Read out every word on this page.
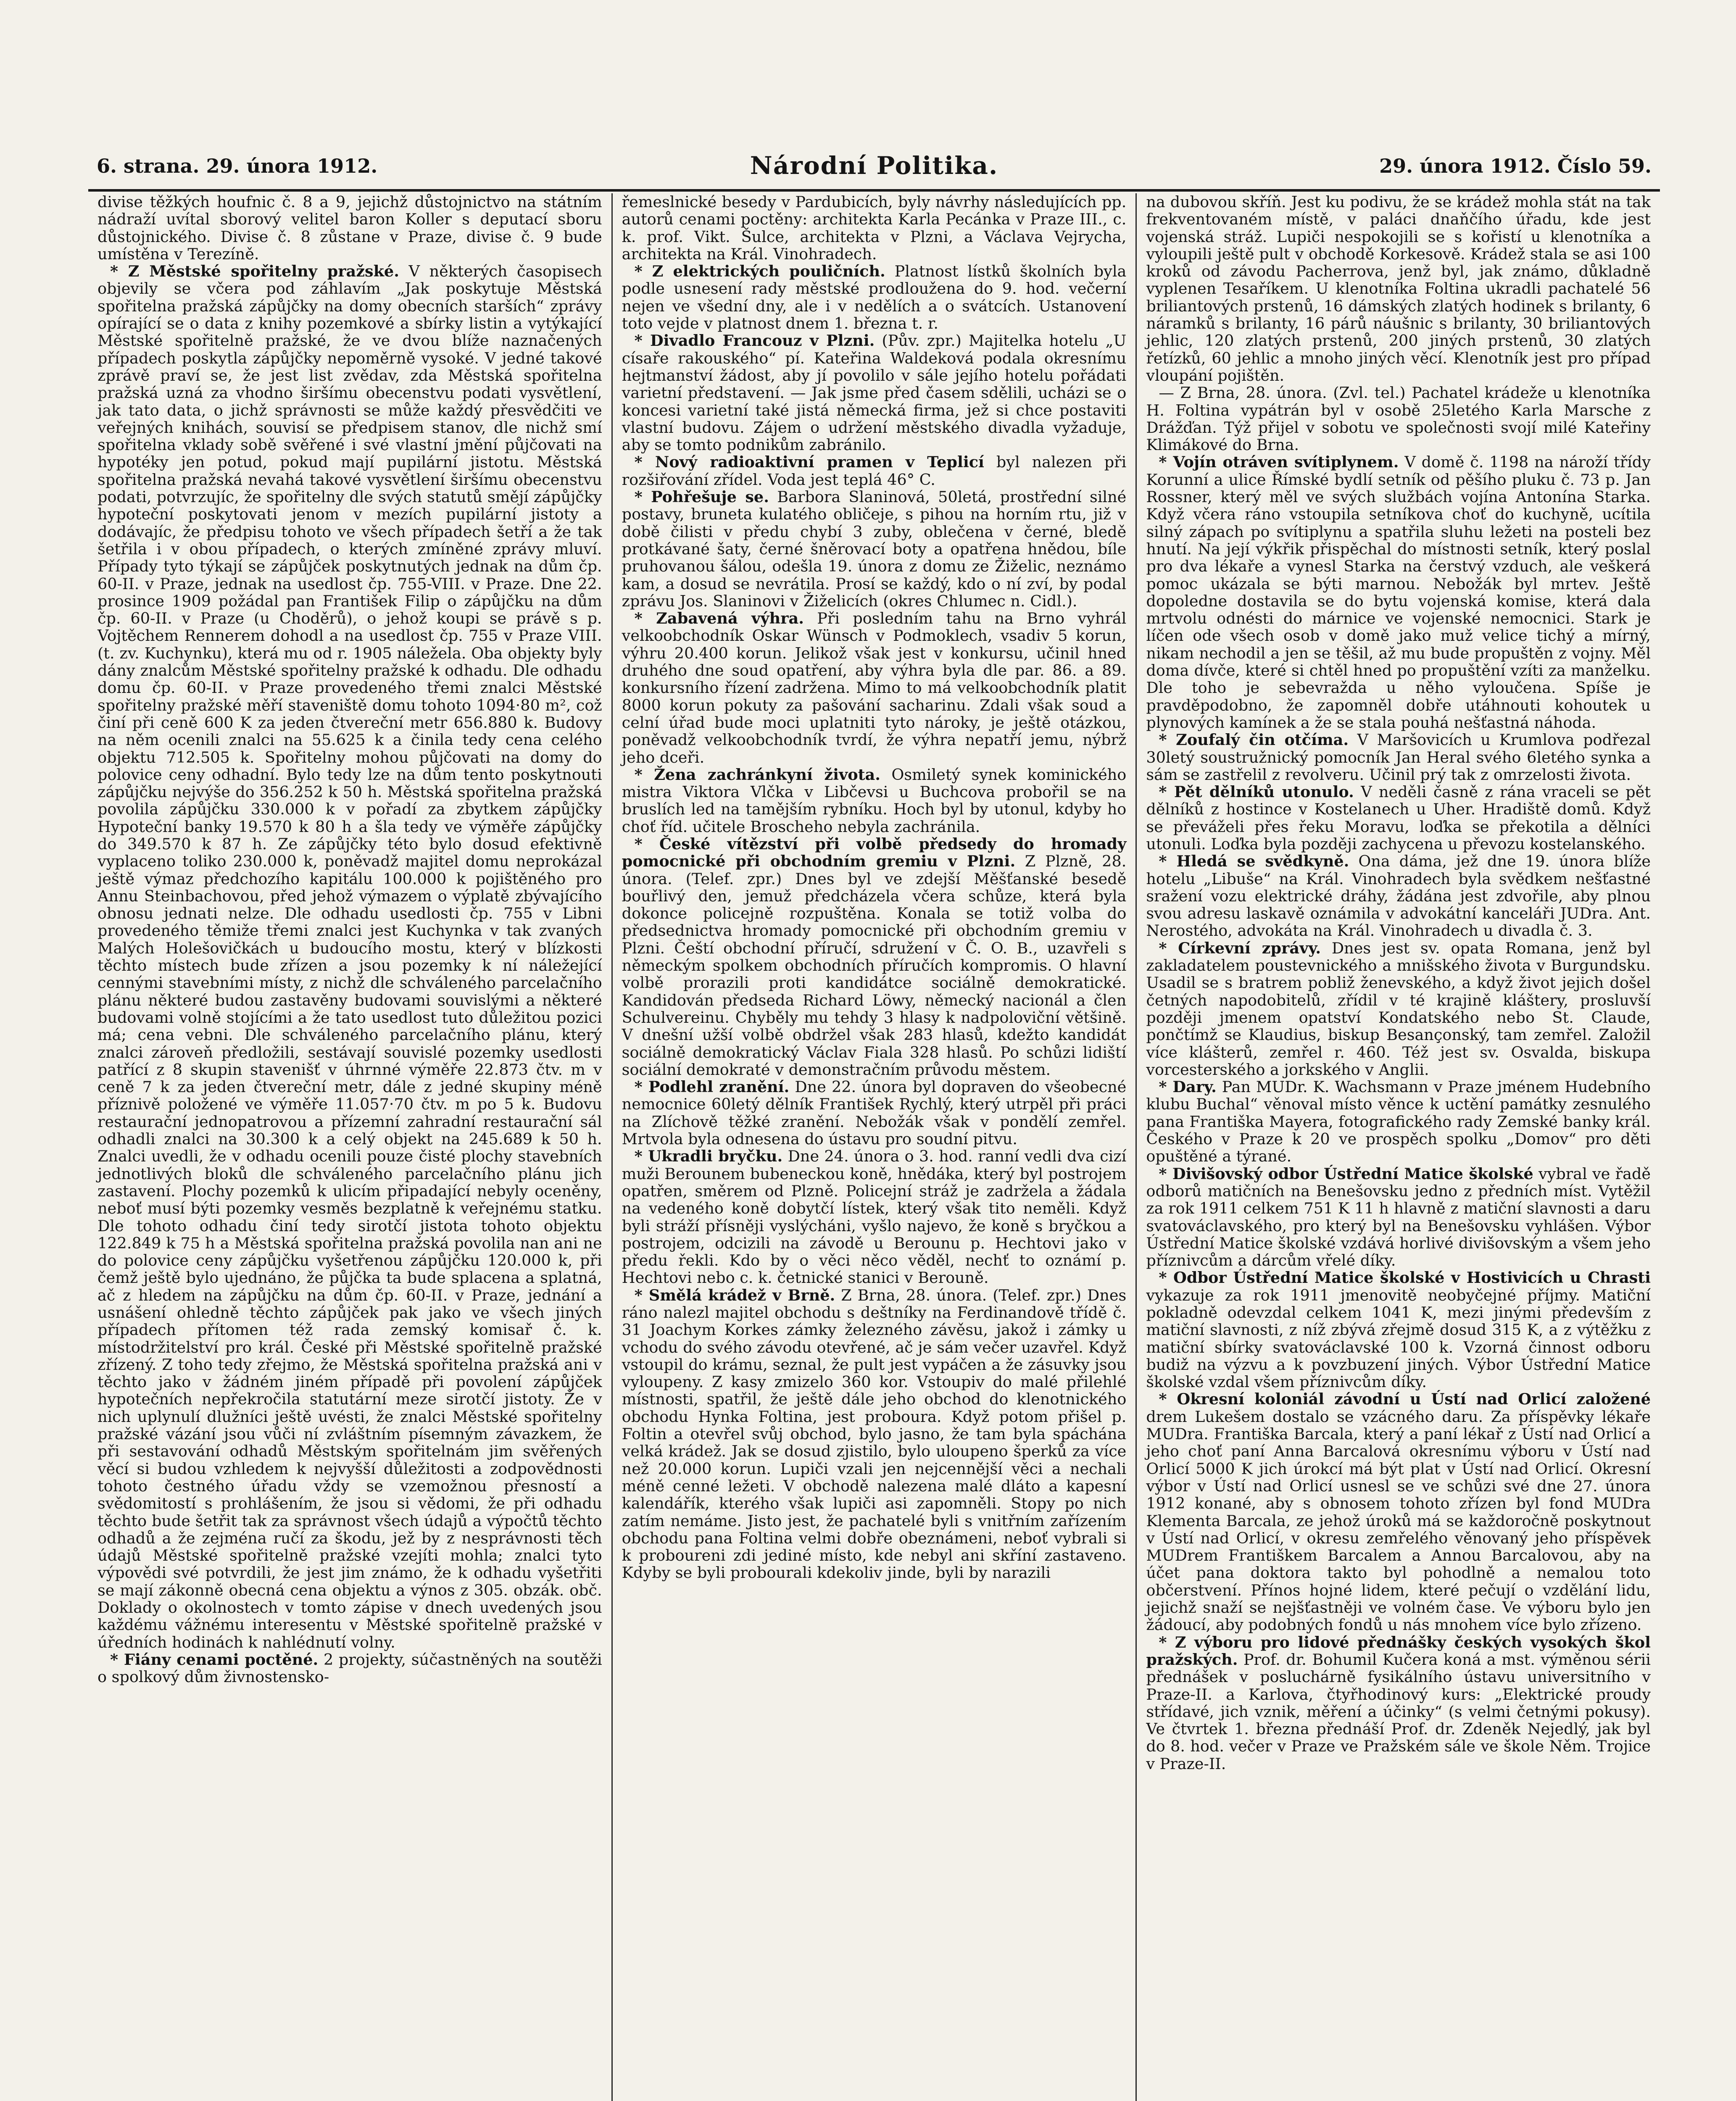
6. strana. 29. února 1912.	Národní Politika.	29. února 1912. Číslo 59.

divise těžkých houfnic č. 8 a 9, jejichž důstojnictvo na státním nádraží uvítal sborový velitel baron Koller s deputací sboru důstojnického. Divise č. 8 zůstane v Praze, divise č. 9 bude umístěna v Terezíně.

* Z Městské spořitelny pražské. V některých časopisech objevily se včera pod záhlavím „Jak poskytuje Městská spořitelna pražská zápůjčky na domy obecních starších“ zprávy opírající se o data z knihy pozemkové a sbírky listin a vytýkající Městské spořitelně pražské, že ve dvou blíže naznačených případech poskytla zápůjčky nepoměrně vysoké. V jedné takové zprávě praví se, že jest list zvědav, zda Městská spořitelna pražská uzná za vhodno širšímu obecenstvu podati vysvětlení, jak tato data, o jichž správnosti se může každý přesvědčiti ve veřejných knihách, souvisí se předpisem stanov, dle nichž smí spořitelna vklady sobě svěřené i své vlastní jmění půjčovati na hypotéky jen potud, pokud mají pupilární jistotu. Městská spořitelna pražská nevahá takové vysvětlení širšímu obecenstvu podati, potvrzujíc, že spořitelny dle svých statutů smějí zápůjčky hypoteční poskytovati jenom v mezích pupilární jistoty a dodávajíc, že předpisu tohoto ve všech případech šetří a že tak šetřila i v obou případech, o kterých zmíněné zprávy mluví. Případy tyto týkají se zápůjček poskytnutých jednak na dům čp. 60-II. v Praze, jednak na usedlost čp. 755-VIII. v Praze. Dne 22. prosince 1909 požádal pan František Filip o zápůjčku na dům čp. 60-II. v Praze (u Choděrů), o jehož koupi se právě s p. Vojtěchem Rennerem dohodl a na usedlost čp. 755 v Praze VIII. (t. zv. Kuchynku), která mu od r. 1905 náležela. Oba objekty byly dány znalcům Městské spořitelny pražské k odhadu. Dle odhadu domu čp. 60-II. v Praze provedeného třemi znalci Městské spořitelny pražské měří staveniště domu tohoto 1094·80 m², což činí při ceně 600 K za jeden čtvereční metr 656.880 k. Budovy na něm ocenili znalci na 55.625 k a činila tedy cena celého objektu 712.505 k. Spořitelny mohou půjčovati na domy do polovice ceny odhadní. Bylo tedy lze na dům tento poskytnouti zápůjčku nejvýše do 356.252 k 50 h. Městská spořitelna pražská povolila zápůjčku 330.000 k v pořadí za zbytkem zápůjčky Hypoteční banky 19.570 k 80 h a šla tedy ve výměře zápůjčky do 349.570 k 87 h. Ze zápůjčky této bylo dosud efektivně vyplaceno toliko 230.000 k, poněvadž majitel domu neprokázal ještě výmaz předchozího kapitálu 100.000 k pojištěného pro Annu Steinbachovou, před jehož výmazem o výplatě zbývajícího obnosu jednati nelze. Dle odhadu usedlosti čp. 755 v Libni provedeného těmiže třemi znalci jest Kuchynka v tak zvaných Malých Holešovičkách u budoucího mostu, který v blízkosti těchto místech bude zřízen a jsou pozemky k ní náležející cennými stavebními místy, z nichž dle schváleného parcelačního plánu některé budou zastavěny budovami souvislými a některé budovami volně stojícími a že tato usedlost tuto důležitou pozici má; cena vebni. Dle schváleného parcelačního plánu, který znalci zároveň předložili, sestávají souvislé pozemky usedlosti patřící z 8 skupin stavenišť v úhrnné výměře 22.873 čtv. m v ceně 7 k za jeden čtvereční metr, dále z jedné skupiny méně příznivě položené ve výměře 11.057·70 čtv. m po 5 k. Budovu restaurační jednopatrovou a přízemní zahradní restaurační sál odhadli znalci na 30.300 k a celý objekt na 245.689 k 50 h. Znalci uvedli, že v odhadu ocenili pouze čisté plochy stavebních jednotlivých bloků dle schváleného parcelačního plánu jich zastavení. Plochy pozemků k ulicím připadající nebyly oceněny, neboť musí býti pozemky vesměs bezplatně k veřejnému statku. Dle tohoto odhadu činí tedy sirotčí jistota tohoto objektu 122.849 k 75 h a Městská spořitelna pražská povolila nan ani ne do polovice ceny zápůjčku vyšetřenou zápůjčku 120.000 k, při čemž ještě bylo ujednáno, že půjčka ta bude splacena a splatná, ač z hledem na zápůjčku na dům čp. 60-II. v Praze, jednání a usnášení ohledně těchto zápůjček pak jako ve všech jiných případech přítomen též rada zemský komisař č. k. místodržitelství pro král. České při Městské spořitelně pražské zřízený. Z toho tedy zřejmo, že Městská spořitelna pražská ani v těchto jako v žádném jiném případě při povolení zápůjček hypotečních nepřekročila statutární meze sirotčí jistoty. Že v nich uplynulí dlužníci ještě uvésti, že znalci Městské spořitelny pražské vázání jsou vůči ní zvláštním písemným závazkem, že při sestavování odhadů Městským spořitelnám jim svěřených věcí si budou vzhledem k nejvyšší důležitosti a zodpovědnosti tohoto čestného úřadu vždy se vzemožnou přesností a svědomitostí s prohlášením, že jsou si vědomi, že při odhadu těchto bude šetřit tak za správnost všech údajů a výpočtů těchto odhadů a že zejména ručí za škodu, jež by z nesprávnosti těch údajů Městské spořitelně pražské vzejíti mohla; znalci tyto výpovědi své potvrdili, že jest jim známo, že k odhadu vyšetřiti se mají zákonně obecná cena objektu a výnos z 305. obzák. obč. Doklady o okolnostech v tomto zápise v dnech uvedených jsou každému vážnému interesentu v Městské spořitelně pražské v úředních hodinách k nahlédnutí volny.

* Fiány cenami poctěné. 2 projekty, súčastněných na soutěži o spolkový dům živnostensko-

řemeslnické besedy v Pardubicích, byly návrhy následujících pp. autorů cenami poctěny: architekta Karla Pecánka v Praze III., c. k. prof. Vikt. Šulce, architekta v Plzni, a Václava Vejrycha, architekta na Král. Vinohradech.

* Z elektrických pouličních. Platnost lístků školních byla podle usnesení rady městské prodloužena do 9. hod. večerní nejen ve všední dny, ale i v nedělích a o svátcích. Ustanovení toto vejde v platnost dnem 1. března t. r.

* Divadlo Francouz v Plzni. (Pův. zpr.) Majitelka hotelu „U císaře rakouského“ pí. Kateřina Waldeková podala okresnímu hejtmanství žádost, aby jí povolilo v sále jejího hotelu pořádati varietní představení. — Jak jsme před časem sdělili, ucházi se o koncesi varietní také jistá německá firma, jež si chce postaviti vlastní budovu. Zájem o udržení městského divadla vyžaduje, aby se tomto podnikům zabránilo.

* Nový radioaktivní pramen v Teplicí byl nalezen při rozšiřování zřídel. Voda jest teplá 46° C.

* Pohřešuje se. Barbora Slaninová, 50letá, prostřední silné postavy, bruneta kulatého obličeje, s pihou na horním rtu, již v době čilisti v předu chybí 3 zuby, oblečena v černé, bledě protkávané šaty, černé šněrovací boty a opatřena hnědou, bíle pruhovanou šálou, odešla 19. února z domu ze Žiželic, neznámo kam, a dosud se nevrátila. Prosí se každý, kdo o ní zví, by podal zprávu Jos. Slaninovi v Žiželicích (okres Chlumec n. Cidl.).

* Zabavená výhra. Při posledním tahu na Brno vyhrál velkoobchodník Oskar Wünsch v Podmoklech, vsadiv 5 korun, výhru 20.400 korun. Jelikož však jest v konkursu, učinil hned druhého dne soud opatření, aby výhra byla dle par. 86. a 89. konkursního řízení zadržena. Mimo to má velkoobchodník platit 8000 korun pokuty za pašování sacharinu. Zdali však soud a celní úřad bude moci uplatniti tyto nároky, je ještě otázkou, poněvadž velkoobchodník tvrdí, že výhra nepatří jemu, nýbrž jeho dceři.

* Žena zachránkyní života. Osmiletý synek kominického mistra Viktora Vlčka v Libčevsi u Buchcova probořil se na bruslích led na tamějším rybníku. Hoch byl by utonul, kdyby ho choť říd. učitele Broscheho nebyla zachránila.

* České vítězství při volbě předsedy do hromady pomocnické při obchodním gremiu v Plzni. Z Plzně, 28. února. (Telef. zpr.) Dnes byl ve zdejší Měšťanské besedě bouřlivý den, jemuž předcházela včera schůze, která byla dokonce policejně rozpuštěna. Konala se totiž volba do předsednictva hromady pomocnické při obchodním gremiu v Plzni. Čeští obchodní příručí, sdružení v Č. O. B., uzavřeli s německým spolkem obchodních příručích kompromis. O hlavní volbě prorazili proti kandidátce sociálně demokratické. Kandidován předseda Richard Löwy, německý nacionál a člen Schulvereinu. Chyběly mu tehdy 3 hlasy k nadpoloviční většině. V dnešní užší volbě obdržel však 283 hlasů, kdežto kandidát sociálně demokratický Václav Fiala 328 hlasů. Po schůzi lidiští sociální demokraté v demonstračním průvodu městem.

* Podlehl zranění. Dne 22. února byl dopraven do všeobecné nemocnice 60letý dělník František Rychlý, který utrpěl při práci na Zlíchově těžké zranění. Nebožák však v pondělí zemřel. Mrtvola byla odnesena do ústavu pro soudní pitvu.

* Ukradli bryčku. Dne 24. února o 3. hod. ranní vedli dva cizí muži Berounem bubeneckou koně, hnědáka, který byl postrojem opatřen, směrem od Plzně. Policejní stráž je zadržela a žádala na vedeného koně dobytčí lístek, který však tito neměli. Když byli stráží přísněji vyslýcháni, vyšlo najevo, že koně s bryčkou a postrojem, odcizili na závodě u Berounu p. Hechtovi jako v předu řekli. Kdo by o věci něco věděl, nechť to oznámí p. Hechtovi nebo c. k. četnické stanici v Berouně.

* Smělá krádež v Brně. Z Brna, 28. února. (Telef. zpr.) Dnes ráno nalezl majitel obchodu s deštníky na Ferdinandově třídě č. 31 Joachym Korkes zámky železného závěsu, jakož i zámky u vchodu do svého závodu otevřené, ač je sám večer uzavřel. Když vstoupil do krámu, seznal, že pult jest vypáčen a že zásuvky jsou vyloupeny. Z kasy zmizelo 360 kor. Vstoupiv do malé přilehlé místnosti, spatřil, že ještě dále jeho obchod do klenotnického obchodu Hynka Foltina, jest proboura. Když potom přišel p. Foltin a otevřel svůj obchod, bylo jasno, že tam byla spáchána velká krádež. Jak se dosud zjistilo, bylo uloupeno šperků za více než 20.000 korun. Lupiči vzali jen nejcennější věci a nechali méně cenné ležeti. V obchodě nalezena malé dláto a kapesní kalendářík, kterého však lupiči asi zapomněli. Stopy po nich zatím nemáme. Jisto jest, že pachatelé byli s vnitřním zařízením obchodu pana Foltina velmi dobře obeznámeni, neboť vybrali si k proboureni zdi jediné místo, kde nebyl ani skříní zastaveno. Kdyby se byli probourali kdekoliv jinde, byli by narazili

na dubovou skříň. Jest ku podivu, že se krádež mohla stát na tak frekventovaném místě, v paláci dnaňčího úřadu, kde jest vojenská stráž. Lupiči nespokojili se s kořistí u klenotníka a vyloupili ještě pult v obchodě Korkesově. Krádež stala se asi 100 kroků od závodu Pacherrova, jenž byl, jak známo, důkladně vyplenen Tesaříkem. U klenotníka Foltina ukradli pachatelé 56 briliantových prstenů, 16 dámských zlatých hodinek s brilanty, 6 náramků s brilanty, 16 párů náušnic s brilanty, 30 briliantových jehlic, 120 zlatých prstenů, 200 jiných prstenů, 30 zlatých řetízků, 60 jehlic a mnoho jiných věcí. Klenotník jest pro případ vloupání pojištěn.

— Z Brna, 28. února. (Zvl. tel.) Pachatel krádeže u klenotníka H. Foltina vypátrán byl v osobě 25letého Karla Marsche z Drážďan. Týž přijel v sobotu ve společnosti svojí milé Kateřiny Klimákové do Brna.

* Vojín otráven svítiplynem. V domě č. 1198 na nároží třídy Korunní a ulice Římské bydlí setník od pěšího pluku č. 73 p. Jan Rossner, který měl ve svých službách vojína Antonína Starka. Když včera ráno vstoupila setníkova choť do kuchyně, ucítila silný zápach po svítiplynu a spatřila sluhu ležeti na posteli bez hnutí. Na její výkřik přispěchal do místnosti setník, který poslal pro dva lékaře a vynesl Starka na čerstvý vzduch, ale veškerá pomoc ukázala se býti marnou. Nebožák byl mrtev. Ještě dopoledne dostavila se do bytu vojenská komise, která dala mrtvolu odnésti do márnice ve vojenské nemocnici. Stark je líčen ode všech osob v domě jako muž velice tichý a mírný, nikam nechodil a jen se těšil, až mu bude propuštěn z vojny. Měl doma dívče, které si chtěl hned po propuštění vzíti za manželku. Dle toho je sebevražda u něho vyloučena. Spíše je pravděpodobno, že zapomněl dobře utáhnouti kohoutek u plynových kamínek a že se stala pouhá nešťastná náhoda.

* Zoufalý čin otčíma. V Maršovicích u Krumlova podřezal 30letý soustružnický pomocník Jan Heral svého 6letého synka a sám se zastřelil z revolveru. Učinil prý tak z omrzelosti života.

* Pět dělníků utonulo. V neděli časně z rána vraceli se pět dělníků z hostince v Kostelanech u Uher. Hradiště domů. Když se převáželi přes řeku Moravu, loďka se překotila a dělníci utonuli. Loďka byla později zachycena u převozu kostelanského.

* Hledá se svědkyně. Ona dáma, jež dne 19. února blíže hotelu „Libuše“ na Král. Vinohradech byla svědkem nešťastné sražení vozu elektrické dráhy, žádána jest zdvořile, aby plnou svou adresu laskavě oznámila v advokátní kanceláři JUDra. Ant. Nerostého, advokáta na Král. Vinohradech u divadla č. 3.

* Církevní zprávy. Dnes jest sv. opata Romana, jenž byl zakladatelem poustevnického a mnišského života v Burgundsku. Usadil se s bratrem pobliž ženevského, a když život jejich došel četných napodobitelů, zřídil v té krajině kláštery, prosluvší později jmenem opatství Kondatského nebo St. Claude, pončtímž se Klaudius, biskup Besançonský, tam zemřel. Založil více klášterů, zemřel r. 460. Též jest sv. Osvalda, biskupa vorcesterského a jorkského v Anglii.

* Dary. Pan MUDr. K. Wachsmann v Praze jménem Hudebního klubu Buchal“ věnoval místo věnce k uctění památky zesnulého pana Františka Mayera, fotografického rady Zemské banky král. Českého v Praze k 20 ve prospěch spolku „Domov“ pro děti opuštěné a týrané.

* Divišovský odbor Ústřední Matice školské vybral ve řadě odborů matičních na Benešovsku jedno z předních míst. Vytěžil za rok 1911 celkem 751 K 11 h hlavně z matiční slavnosti a daru svatováclavského, pro který byl na Benešovsku vyhlášen. Výbor Ústřední Matice školské vzdává horlivé divišovským a všem jeho příznivcům a dárcům vřelé díky.

* Odbor Ústřední Matice školské v Hostivicích u Chrasti vykazuje za rok 1911 jmenovitě neobyčejné příjmy. Matiční pokladně odevzdal celkem 1041 K, mezi jinými především z matiční slavnosti, z níž zbývá zřejmě dosud 315 K, a z výtěžku z matiční sbírky svatováclavské 100 k. Vzorná činnost odboru budiž na výzvu a k povzbuzení jiných. Výbor Ústřední Matice školské vzdal všem příznivcům díky.

* Okresní koloniál závodní u Ústí nad Orlicí založené drem Lukešem dostalo se vzácného daru. Za příspěvky lékaře MUDra. Františka Barcala, který a paní lékař z Ústí nad Orlicí a jeho choť paní Anna Barcalová okresnímu výboru v Ústí nad Orlicí 5000 K jich úrokcí má být plat v Ústí nad Orlicí. Okresní výbor v Ústí nad Orlicí usnesl se ve schůzi své dne 27. února 1912 konané, aby s obnosem tohoto zřízen byl fond MUDra Klementa Barcala, ze jehož úroků má se každoročně poskytnout v Ústí nad Orlicí, v okresu zemřelého věnovaný jeho příspěvek MUDrem Františkem Barcalem a Annou Barcalovou, aby na účet pana doktora takto byl pohodlně a nemalou toto občerstvení. Přínos hojné lidem, které pečují o vzdělání lidu, jejichž snaží se nejšťastněji ve volném čase. Ve výboru bylo jen žádoucí, aby podobných fondů u nás mnohem více bylo zřízeno.

* Z výboru pro lidové přednášky českých vysokých škol pražských. Prof. dr. Bohumil Kučera koná a mst. výměnou sérii přednášek v posluchárně fysikálního ústavu universitního v Praze-II. a Karlova, čtyřhodinový kurs: „Elektrické proudy střídavé, jich vznik, měření a účinky“ (s velmi četnými pokusy). Ve čtvrtek 1. března přednáší Prof. dr. Zdeněk Nejedlý, jak byl do 8. hod. večer v Praze ve Pražském sále ve škole Něm. Trojice v Praze-II.
